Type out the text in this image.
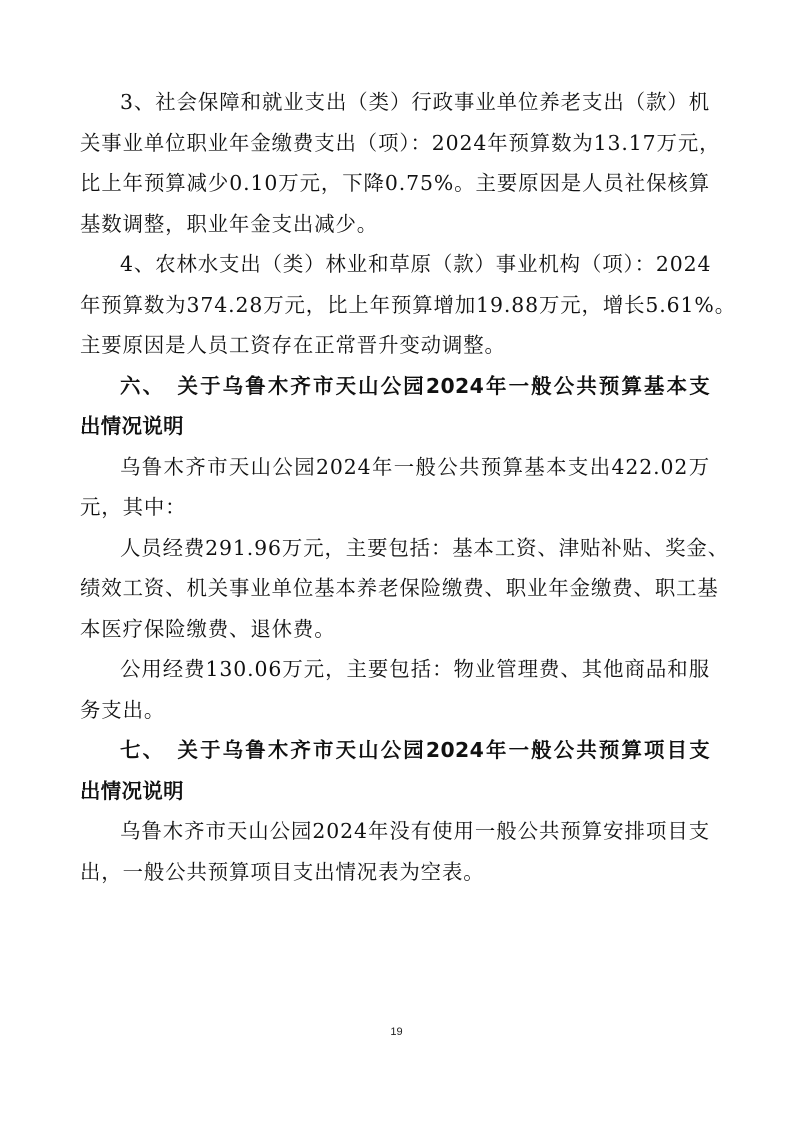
3、社会保障和就业支出（类）行政事业单位养老支出（款）机
关事业单位职业年金缴费支出（项）：2024年预算数为13.17万元，
比上年预算减少0.10万元，下降0.75%。主要原因是人员社保核算
基数调整，职业年金支出减少。
4、农林水支出（类）林业和草原（款）事业机构（项）：2024
年预算数为374.28万元，比上年预算增加19.88万元，增长5.61%。
主要原因是人员工资存在正常晋升变动调整。
六、　关于乌鲁木齐市天山公园2024年一般公共预算基本支
出情况说明
乌鲁木齐市天山公园2024年一般公共预算基本支出422.02万
元，其中：
人员经费291.96万元，主要包括：基本工资、津贴补贴、奖金、
绩效工资、机关事业单位基本养老保险缴费、职业年金缴费、职工基
本医疗保险缴费、退休费。
公用经费130.06万元，主要包括：物业管理费、其他商品和服
务支出。
七、　关于乌鲁木齐市天山公园2024年一般公共预算项目支
出情况说明
乌鲁木齐市天山公园2024年没有使用一般公共预算安排项目支
出，一般公共预算项目支出情况表为空表。
19
